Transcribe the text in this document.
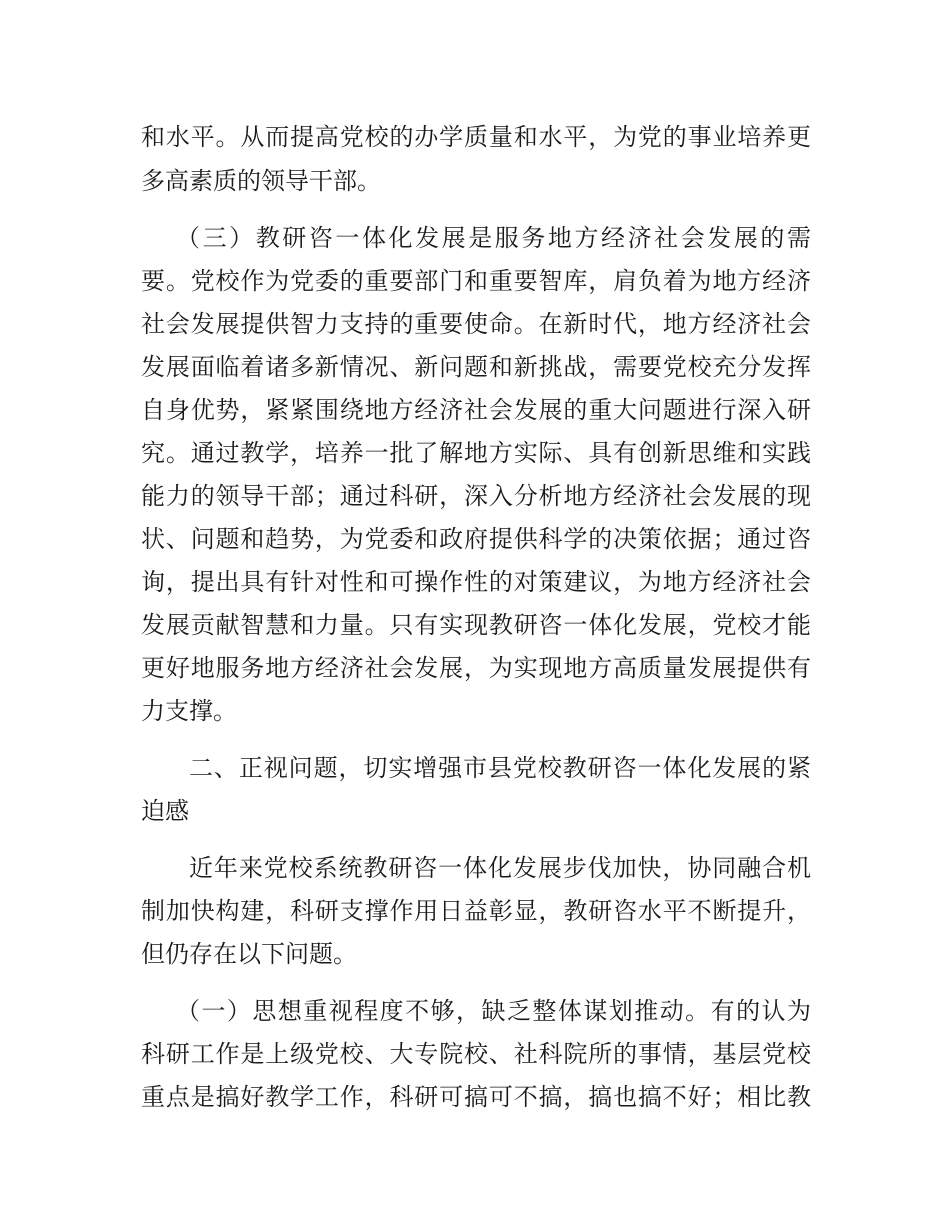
和水平。从而提高党校的办学质量和水平，为党的事业培养更
多高素质的领导干部。
（三）教研咨一体化发展是服务地方经济社会发展的需
要。党校作为党委的重要部门和重要智库，肩负着为地方经济
社会发展提供智力支持的重要使命。在新时代，地方经济社会
发展面临着诸多新情况、新问题和新挑战，需要党校充分发挥
自身优势，紧紧围绕地方经济社会发展的重大问题进行深入研
究。通过教学，培养一批了解地方实际、具有创新思维和实践
能力的领导干部；通过科研，深入分析地方经济社会发展的现
状、问题和趋势，为党委和政府提供科学的决策依据；通过咨
询，提出具有针对性和可操作性的对策建议，为地方经济社会
发展贡献智慧和力量。只有实现教研咨一体化发展，党校才能
更好地服务地方经济社会发展，为实现地方高质量发展提供有
力支撑。
二、正视问题，切实增强市县党校教研咨一体化发展的紧
迫感
近年来党校系统教研咨一体化发展步伐加快，协同融合机
制加快构建，科研支撑作用日益彰显，教研咨水平不断提升，
但仍存在以下问题。
（一）思想重视程度不够，缺乏整体谋划推动。有的认为
科研工作是上级党校、大专院校、社科院所的事情，基层党校
重点是搞好教学工作，科研可搞可不搞，搞也搞不好；相比教
